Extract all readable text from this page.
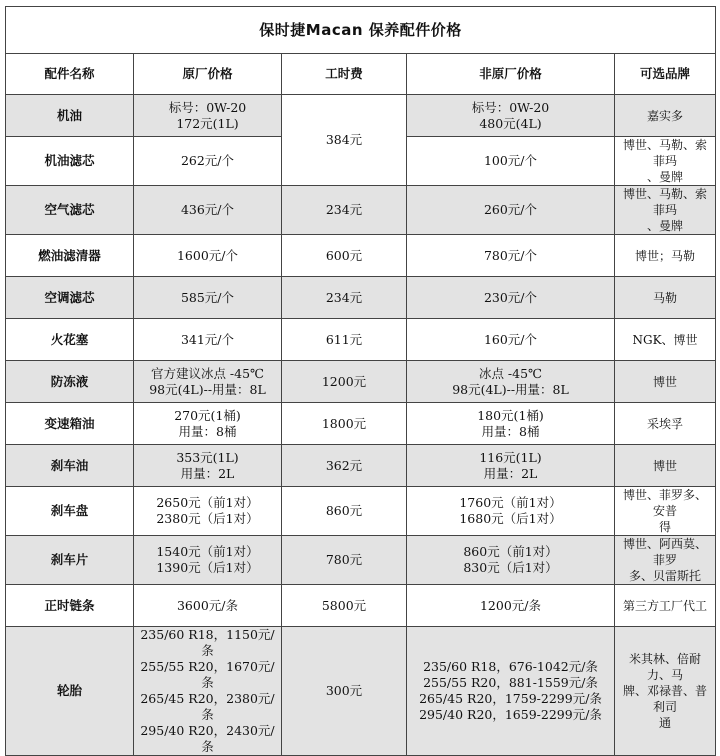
保时捷Macan 保养配件价格				
配件名称	原厂价格	工时费	非原厂价格	可选品牌
机油	标号：0W-20
172元(1L)	384元	标号：0W-20
480元(4L)	嘉实多

机油滤芯	262元/个		100元/个	博世、马勒、索菲玛
、曼牌

空气滤芯	436元/个	234元	260元/个	博世、马勒、索菲玛
、曼牌

燃油滤清器	1600元/个	600元	780元/个	博世；马勒

空调滤芯	585元/个	234元	230元/个	马勒

火花塞	341元/个	611元	160元/个	NGK、博世

防冻液	官方建议冰点 -45℃
98元(4L)--用量：8L	1200元	冰点 -45℃
98元(4L)--用量：8L	博世

变速箱油	270元(1桶)
用量：8桶	1800元	180元(1桶)
用量：8桶	采埃孚

刹车油	353元(1L)
用量：2L	362元	116元(1L)
用量：2L	博世

刹车盘	2650元（前1对）
2380元（后1对）	860元	1760元（前1对）
1680元（后1对）	博世、菲罗多、安普
得

刹车片	1540元（前1对）
1390元（后1对）	780元	860元（前1对）
830元（后1对）	博世、阿西莫、菲罗
多、贝雷斯托

正时链条	3600元/条	5800元	1200元/条	第三方工厂代工

轮胎	235/60 R18，1150元/条
255/55 R20，1670元/条
265/45 R20，2380元/条
295/40 R20，2430元/条	300元	235/60 R18，676-1042元/条
255/55 R20，881-1559元/条
265/45 R20，1759-2299元/条
295/40 R20，1659-2299元/条	米其林、倍耐力、马
牌、邓禄普、普利司
通
